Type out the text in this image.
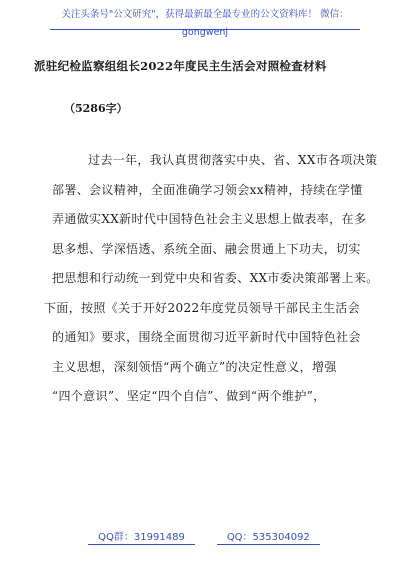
关注头条号"公文研究"，获得最新最全最专业的公文资料库！ 微信：gongwenj
派驻纪检监察组组长2022年度民主生活会对照检查材料
（5286字）
过去一年，我认真贯彻落实中央、省、XX市各项决策
部署、会议精神，全面准确学习领会xx精神，持续在学懂
弄通做实XX新时代中国特色社会主义思想上做表率，在多
思多想、学深悟透、系统全面、融会贯通上下功夫，切实
把思想和行动统一到党中央和省委、XX市委决策部署上来。
下面，按照《关于开好2022年度党员领导干部民主生活会
的通知》要求，围绕全面贯彻习近平新时代中国特色社会
主义思想，深刻领悟“两个确立”的决定性意义，增强
“四个意识”、坚定“四个自信”、做到“两个维护”，
QQ群：31991489	QQ：535304092
